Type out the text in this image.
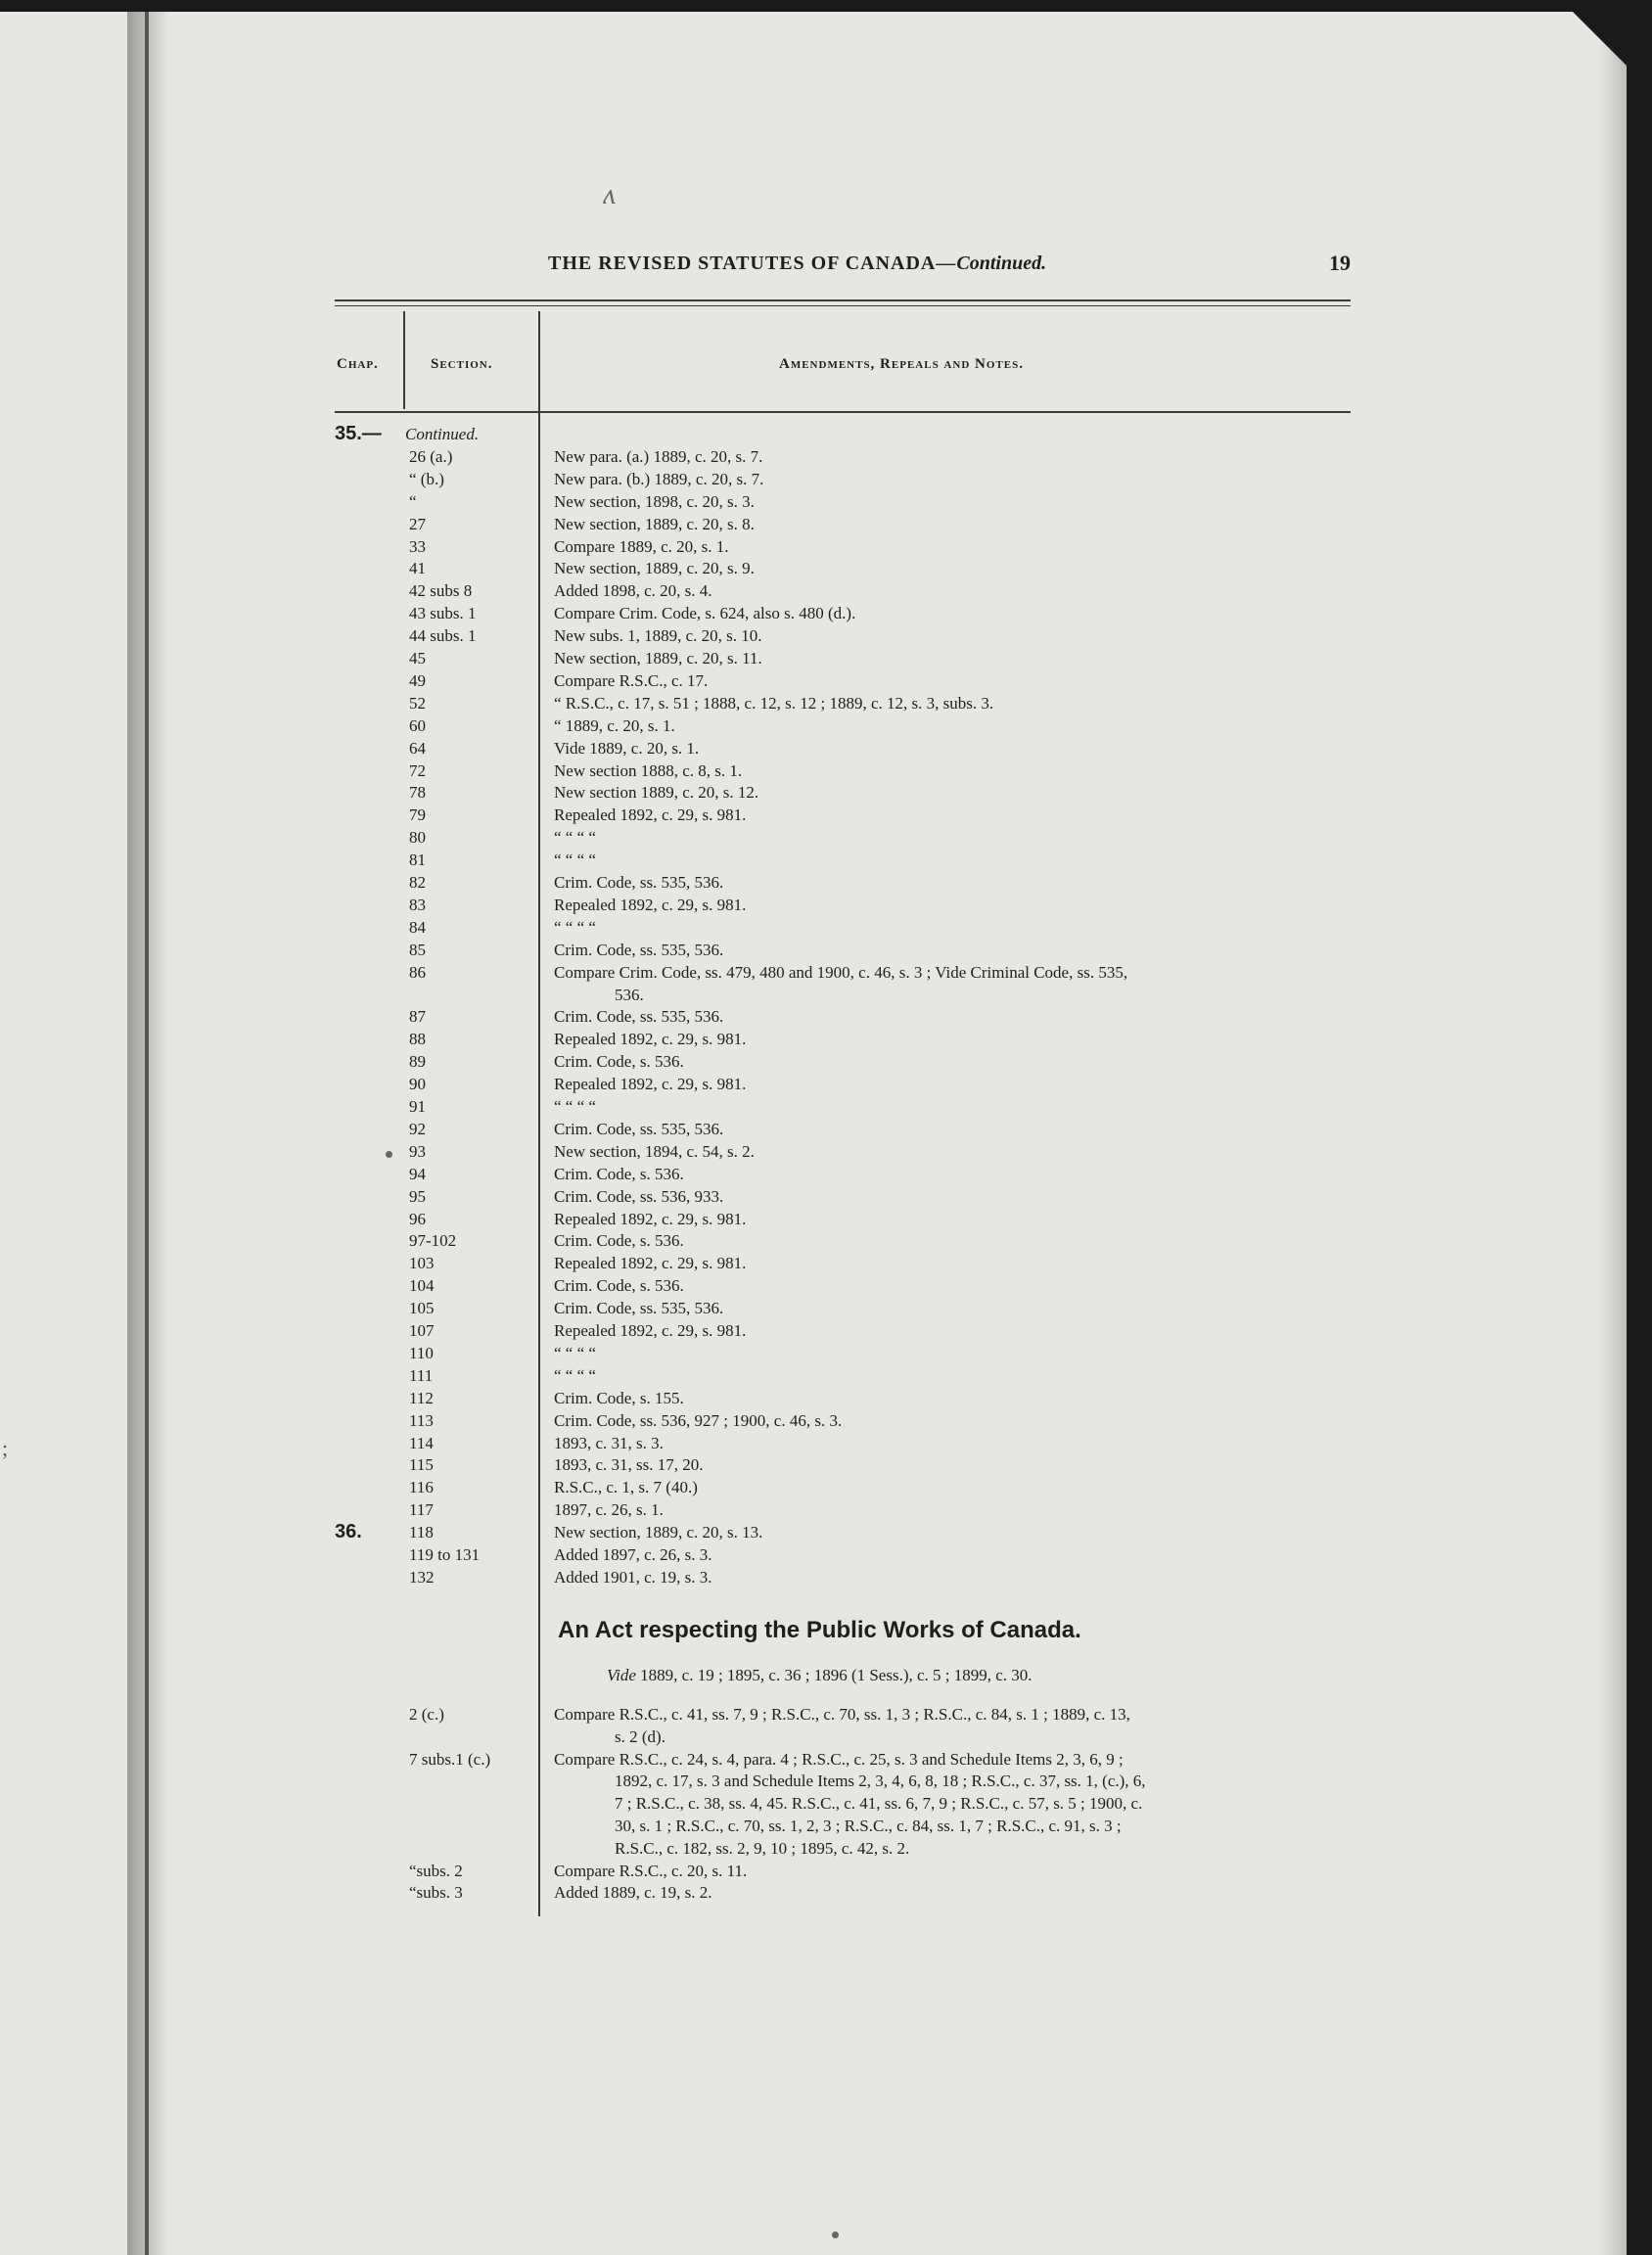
;
ʌ
THE REVISED STATUTES OF CANADA—Continued.	19
Chap.	Section.	Amendments, Repeals and Notes.
35.—	Continued.
26 (a.)	New para. (a.) 1889, c. 20, s. 7.
“ (b.)	New para. (b.) 1889, c. 20, s. 7.
“	New section, 1898, c. 20, s. 3.
27	New section, 1889, c. 20, s. 8.
33	Compare 1889, c. 20, s. 1.
41	New section, 1889, c. 20, s. 9.
42 subs 8	Added 1898, c. 20, s. 4.
43 subs. 1	Compare Crim. Code, s. 624, also s. 480 (d.).
44 subs. 1	New subs. 1, 1889, c. 20, s. 10.
45	New section, 1889, c. 20, s. 11.
49	Compare R.S.C., c. 17.
52	“ R.S.C., c. 17, s. 51 ; 1888, c. 12, s. 12 ; 1889, c. 12, s. 3, subs. 3.
60	“ 1889, c. 20, s. 1.
64	Vide 1889, c. 20, s. 1.
72	New section 1888, c. 8, s. 1.
78	New section 1889, c. 20, s. 12.
79	Repealed 1892, c. 29, s. 981.
80	“ “ “ “
81	“ “ “ “
82	Crim. Code, ss. 535, 536.
83	Repealed 1892, c. 29, s. 981.
84	“ “ “ “
85	Crim. Code, ss. 535, 536.
86	Compare Crim. Code, ss. 479, 480 and 1900, c. 46, s. 3 ; Vide Criminal Code, ss. 535,
536.
87	Crim. Code, ss. 535, 536.
88	Repealed 1892, c. 29, s. 981.
89	Crim. Code, s. 536.
90	Repealed 1892, c. 29, s. 981.
91	“ “ “ “
92	Crim. Code, ss. 535, 536.
93	New section, 1894, c. 54, s. 2.
94	Crim. Code, s. 536.
95	Crim. Code, ss. 536, 933.
96	Repealed 1892, c. 29, s. 981.
97-102	Crim. Code, s. 536.
103	Repealed 1892, c. 29, s. 981.
104	Crim. Code, s. 536.
105	Crim. Code, ss. 535, 536.
107	Repealed 1892, c. 29, s. 981.
110	“ “ “ “
111	“ “ “ “
112	Crim. Code, s. 155.
113	Crim. Code, ss. 536, 927 ; 1900, c. 46, s. 3.
114	1893, c. 31, s. 3.
115	1893, c. 31, ss. 17, 20.
116	R.S.C., c. 1, s. 7 (40.)
117	1897, c. 26, s. 1.
36.	118	New section, 1889, c. 20, s. 13.
119 to 131	Added 1897, c. 26, s. 3.
132	Added 1901, c. 19, s. 3.
An Act respecting the Public Works of Canada.
Vide 1889, c. 19 ; 1895, c. 36 ; 1896 (1 Sess.), c. 5 ; 1899, c. 30.
2 (c.)	Compare R.S.C., c. 41, ss. 7, 9 ; R.S.C., c. 70, ss. 1, 3 ; R.S.C., c. 84, s. 1 ; 1889, c. 13,
s. 2 (d).
7 subs.1 (c.)	Compare R.S.C., c. 24, s. 4, para. 4 ; R.S.C., c. 25, s. 3 and Schedule Items 2, 3, 6, 9 ;
1892, c. 17, s. 3 and Schedule Items 2, 3, 4, 6, 8, 18 ; R.S.C., c. 37, ss. 1, (c.), 6,
7 ; R.S.C., c. 38, ss. 4, 45. R.S.C., c. 41, ss. 6, 7, 9 ; R.S.C., c. 57, s. 5 ; 1900, c.
30, s. 1 ; R.S.C., c. 70, ss. 1, 2, 3 ; R.S.C., c. 84, ss. 1, 7 ; R.S.C., c. 91, s. 3 ;
R.S.C., c. 182, ss. 2, 9, 10 ; 1895, c. 42, s. 2.
“subs. 2	Compare R.S.C., c. 20, s. 11.
“subs. 3	Added 1889, c. 19, s. 2.
